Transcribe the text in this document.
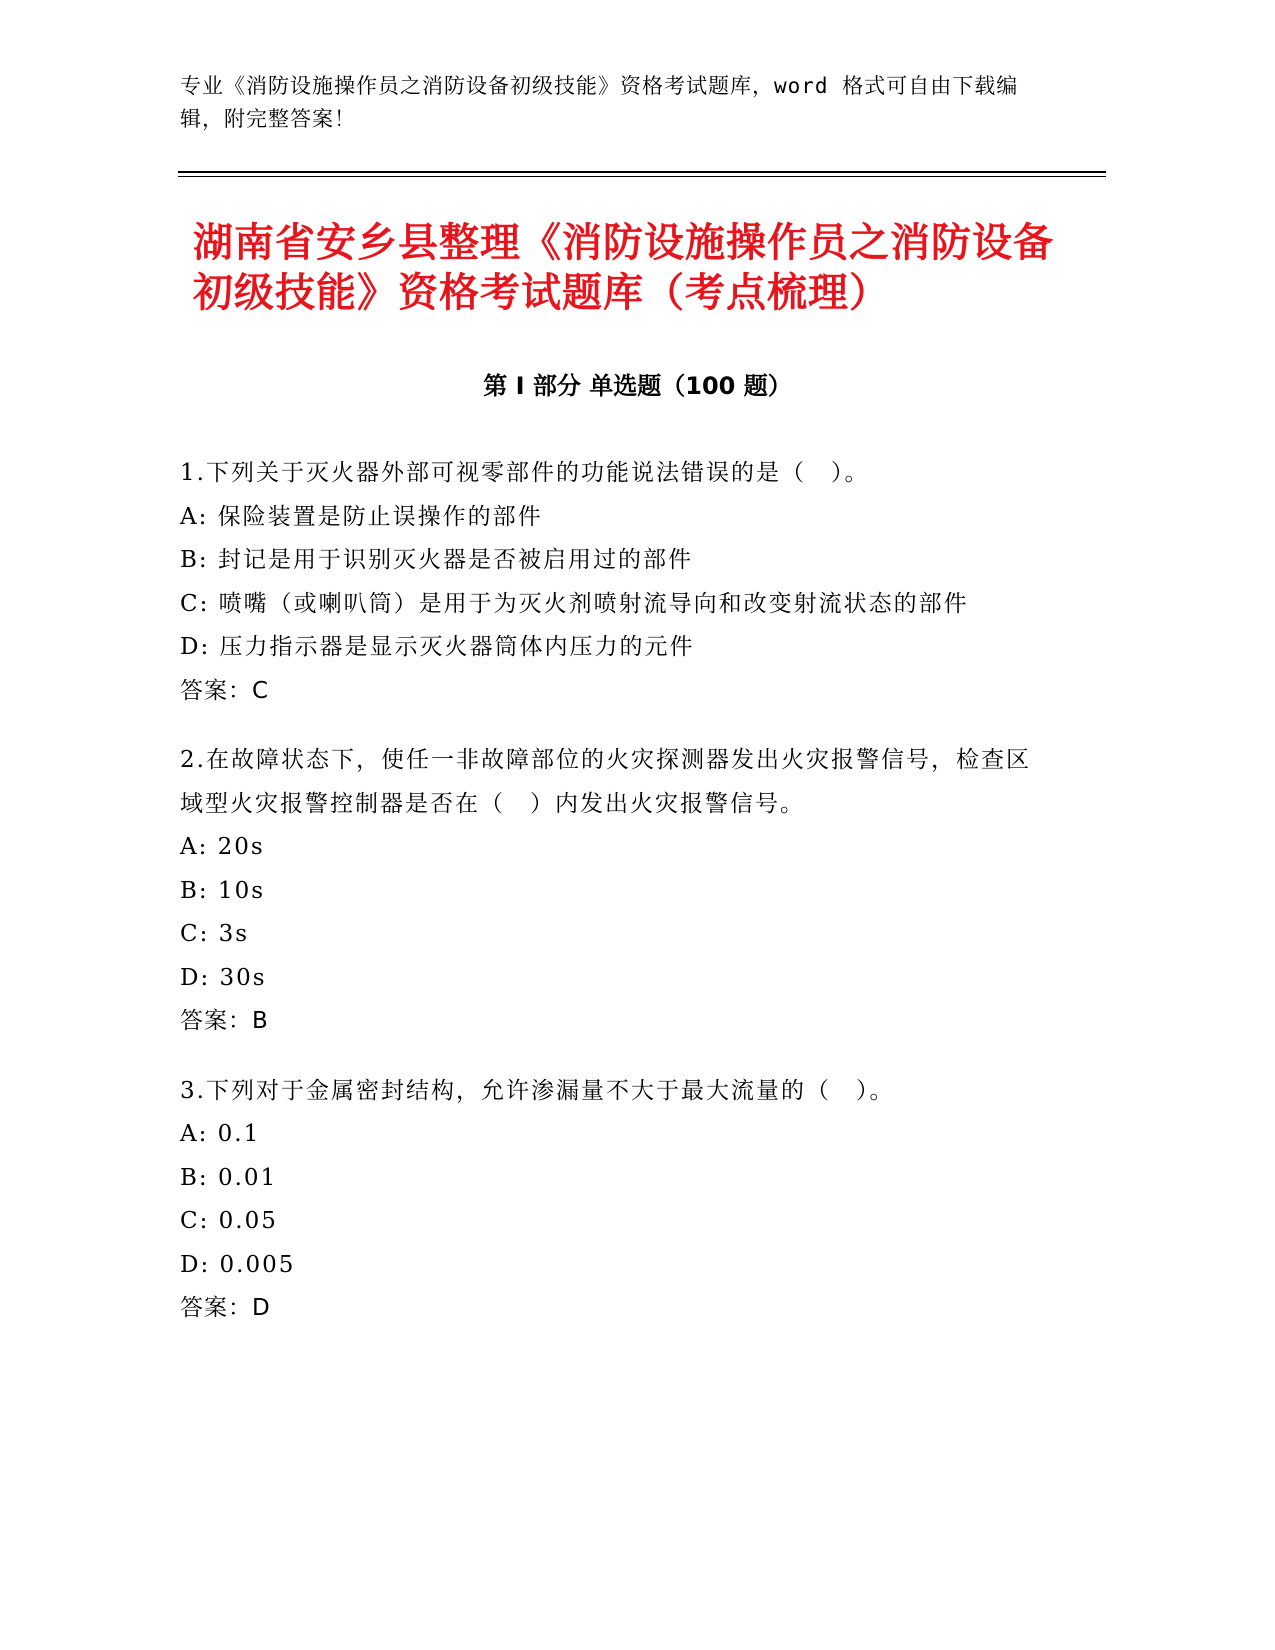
专业《消防设施操作员之消防设备初级技能》资格考试题库，word 格式可自由下载编辑，附完整答案！
湖南省安乡县整理《消防设施操作员之消防设备初级技能》资格考试题库（考点梳理）
第 I 部分 单选题（100 题）
1.下列关于灭火器外部可视零部件的功能说法错误的是（　）。
A: 保险装置是防止误操作的部件
B: 封记是用于识别灭火器是否被启用过的部件
C: 喷嘴（或喇叭筒）是用于为灭火剂喷射流导向和改变射流状态的部件
D: 压力指示器是显示灭火器筒体内压力的元件
答案：C
2.在故障状态下，使任一非故障部位的火灾探测器发出火灾报警信号，检查区域型火灾报警控制器是否在（　）内发出火灾报警信号。
A: 20s
B: 10s
C: 3s
D: 30s
答案：B
3.下列对于金属密封结构，允许渗漏量不大于最大流量的（　）。
A: 0.1
B: 0.01
C: 0.05
D: 0.005
答案：D
